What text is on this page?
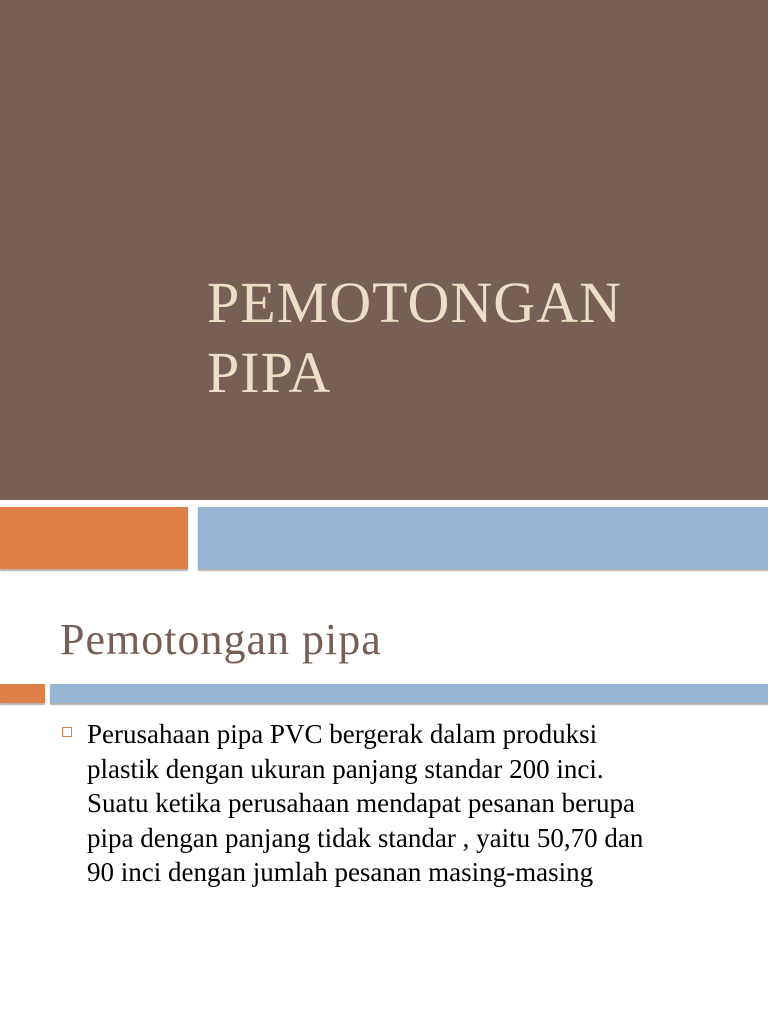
PEMOTONGAN
PIPA
Pemotongan pipa
Perusahaan pipa PVC bergerak dalam produksi
plastik dengan ukuran panjang standar 200 inci.
Suatu ketika perusahaan mendapat pesanan berupa
pipa dengan panjang tidak standar , yaitu 50,70 dan
90 inci dengan jumlah pesanan masing-masing
